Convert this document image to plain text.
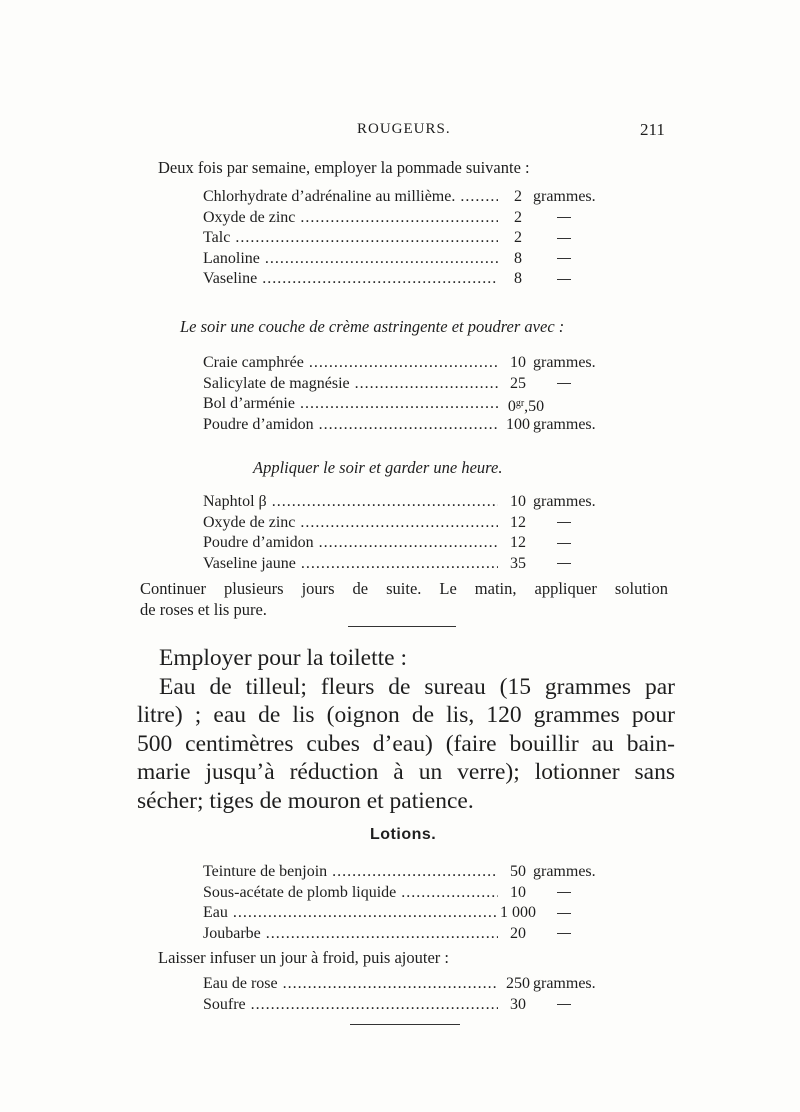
ROUGEURS.	211
Deux fois par semaine, employer la pommade suivante :
Chlorhydrate d’adrénaline au millième. .....	2 grammes.
Oxyde de zinc .....	2
Talc .....	2
Lanoline .....	8
Vaseline .....	8
Le soir une couche de crème astringente et poudrer avec :
Craie camphrée .....	10 grammes.
Salicylate de magnésie .....	25
Bol d’arménie .....	$0^{gr},50$
Poudre d’amidon .....	100 grammes.
Appliquer le soir et garder une heure.
Naphtol β .....	10 grammes.
Oxyde de zinc .....	12
Poudre d’amidon .....	12
Vaseline jaune .....	35
Continuer plusieurs jours de suite. Le matin, appliquer solution
de roses et lis pure.
Employer pour la toilette :
Eau de tilleul; fleurs de sureau (15 grammes par
litre) ; eau de lis (oignon de lis, 120 grammes pour
500 centimètres cubes d’eau) (faire bouillir au bain-
marie jusqu’à réduction à un verre); lotionner sans
sécher; tiges de mouron et patience.
Lotions.
Teinture de benjoin .....	50 grammes.
Sous-acétate de plomb liquide .....	10
Eau .....	1 000
Joubarbe .....	20
Laisser infuser un jour à froid, puis ajouter :
Eau de rose .....	250 grammes.
Soufre .....	30
